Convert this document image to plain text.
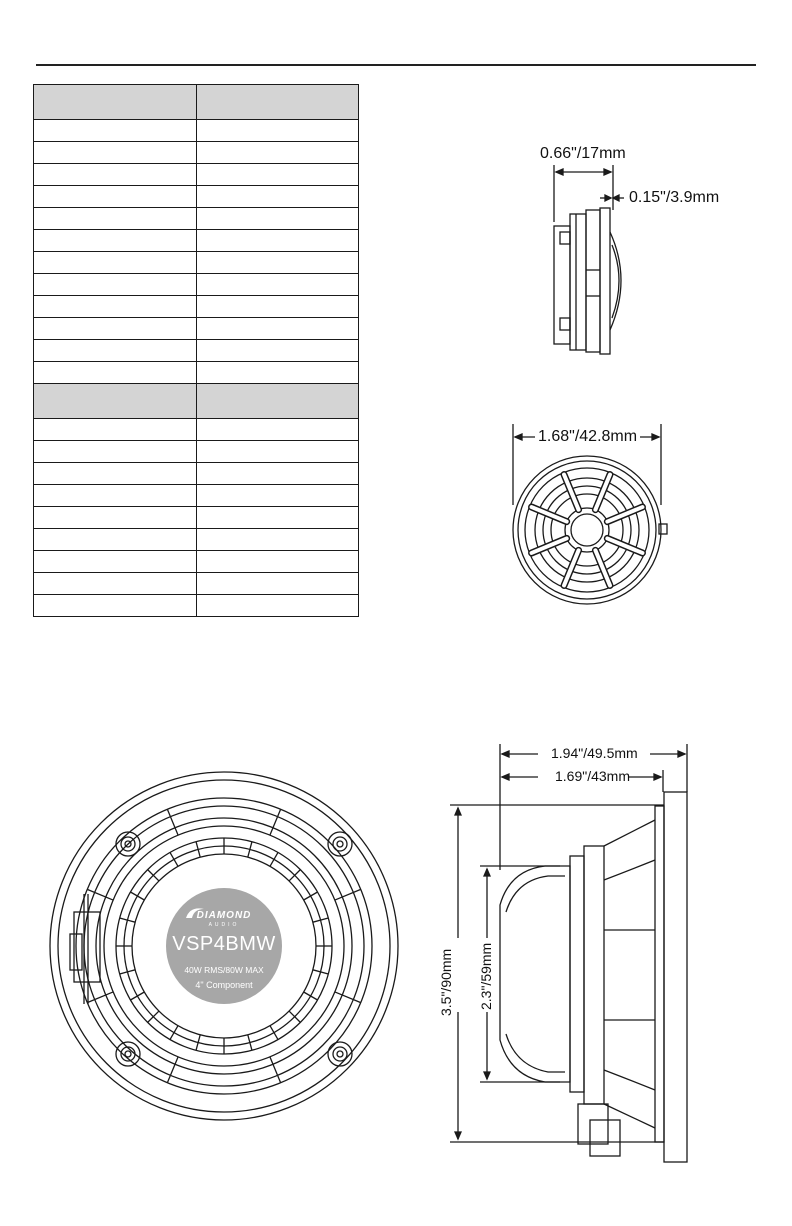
0.66"/17mm
0.15"/3.9mm
1.68"/42.8mm
DIAMOND
AUDIO
VSP4BMW
40W RMS/80W MAX
4" Component
1.94"/49.5mm
1.69"/43mm
3.5"/90mm 2.3"/59mm
